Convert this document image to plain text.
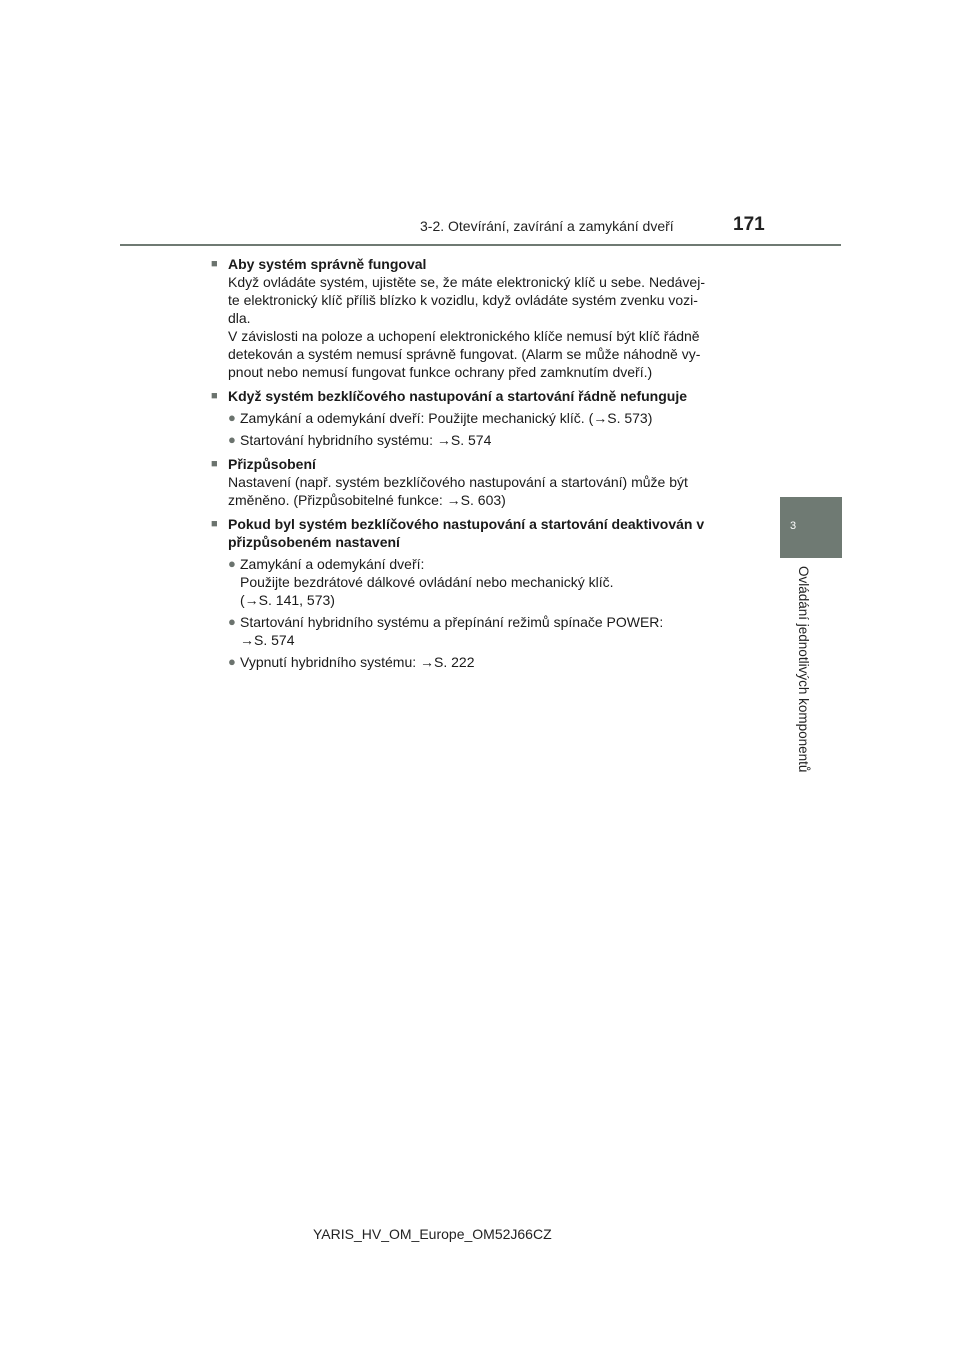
3-2. Otevírání, zavírání a zamykání dveří	171
3
Ovládání jednotlivých komponentů
■ Aby systém správně fungoval
Když ovládáte systém, ujistěte se, že máte elektronický klíč u sebe. Nedávej-
te elektronický klíč příliš blízko k vozidlu, když ovládáte systém zvenku vozi-
dla.
V závislosti na poloze a uchopení elektronického klíče nemusí být klíč řádně
detekován a systém nemusí správně fungovat. (Alarm se může náhodně vy-
pnout nebo nemusí fungovat funkce ochrany před zamknutím dveří.)
■ Když systém bezklíčového nastupování a startování řádně nefunguje
● Zamykání a odemykání dveří: Použijte mechanický klíč. (→S. 573)
● Startování hybridního systému: →S. 574
■ Přizpůsobení
Nastavení (např. systém bezklíčového nastupování a startování) může být
změněno. (Přizpůsobitelné funkce: →S. 603)
■ Pokud byl systém bezklíčového nastupování a startování deaktivován v přizpůsobeném nastavení
● Zamykání a odemykání dveří:
Použijte bezdrátové dálkové ovládání nebo mechanický klíč.
(→S. 141, 573)
● Startování hybridního systému a přepínání režimů spínače POWER:
→S. 574
● Vypnutí hybridního systému: →S. 222
YARIS_HV_OM_Europe_OM52J66CZ
